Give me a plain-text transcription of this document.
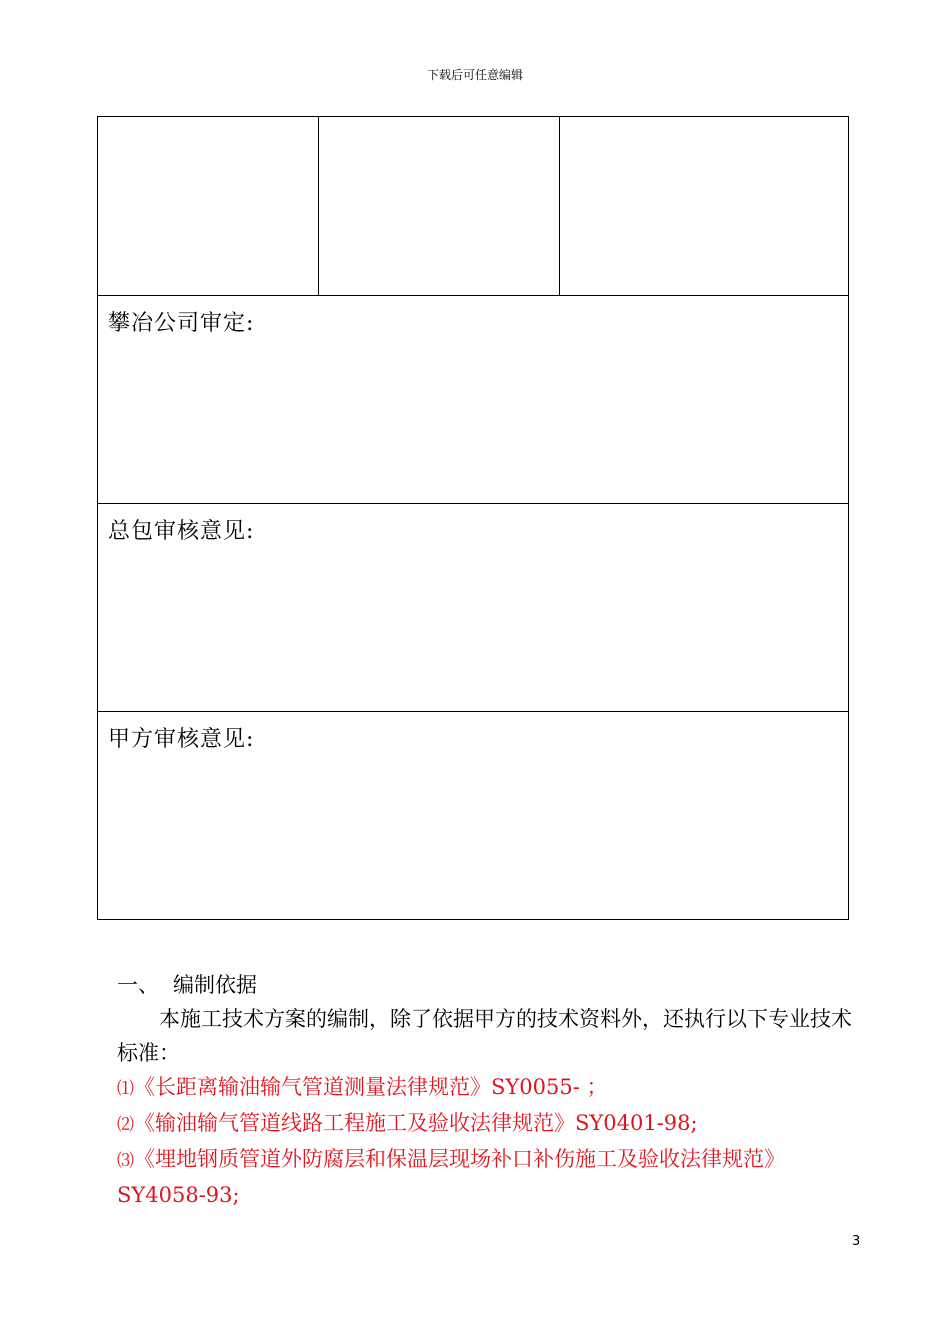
下载后可任意编辑

攀冶公司审定:

总包审核意见:

甲方审核意见:
一、 编制依据

本施工技术方案的编制，除了依据甲方的技术资料外，还执行以下专业技术标准：

⑴《长距离输油输气管道测量法律规范》SY0055- ；
⑵《输油输气管道线路工程施工及验收法律规范》SY0401-98;
⑶《埋地钢质管道外防腐层和保温层现场补口补伤施工及验收法律规范》SY4058-93;
3
